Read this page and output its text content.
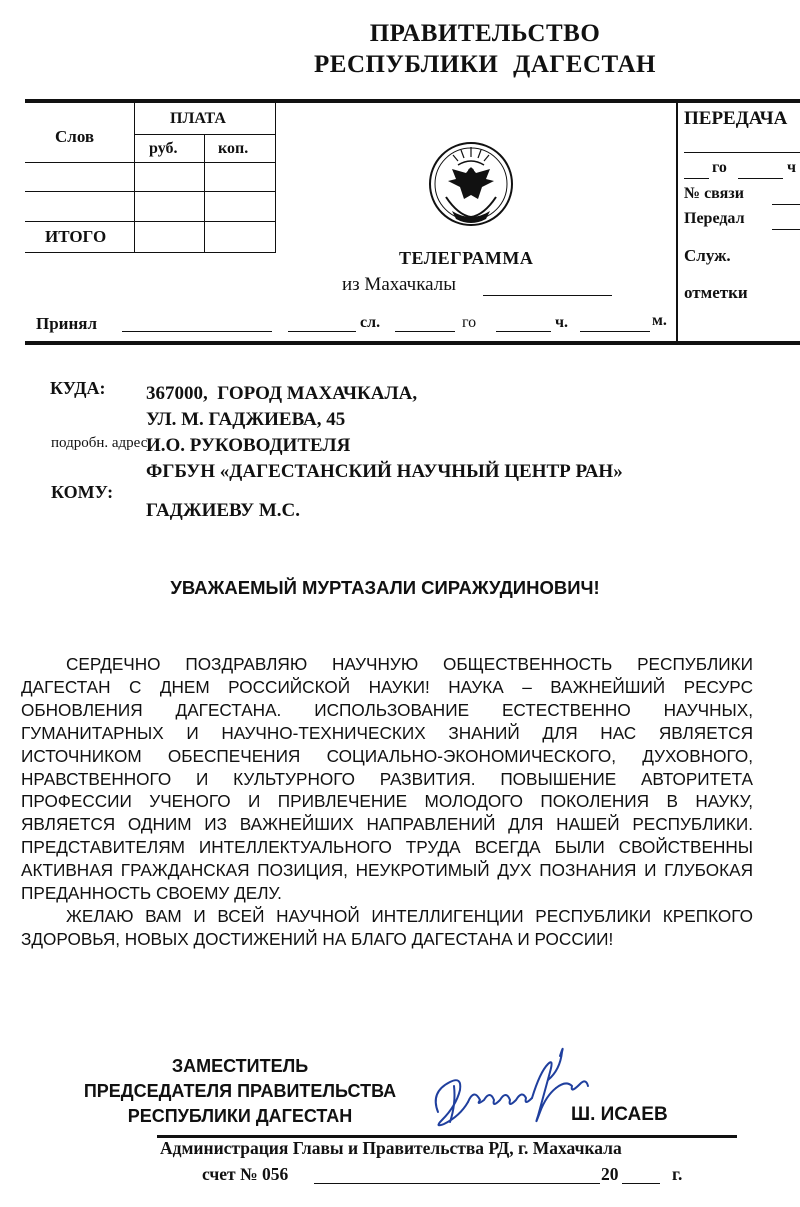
ПРАВИТЕЛЬСТВО
РЕСПУБЛИКИ ДАГЕСТАН
Слов
ПЛАТА
руб.	коп.
ИТОГО
ТЕЛЕГРАММА
из Махачкалы
ПЕРЕДАЧА
го	ч
№ связи
Передал
Служ.
отметки
Принял	сл.	го	ч.	м.
КУДА: 367000,  ГОРОД МАХАЧКАЛА,
УЛ. М. ГАДЖИЕВА, 45
подробн. адрес
И.О. РУКОВОДИТЕЛЯ
ФГБУН «ДАГЕСТАНСКИЙ НАУЧНЫЙ ЦЕНТР РАН»
КОМУ:
ГАДЖИЕВУ М.С.
УВАЖАЕМЫЙ МУРТАЗАЛИ СИРАЖУДИНОВИЧ!

СЕРДЕЧНО ПОЗДРАВЛЯЮ НАУЧНУЮ ОБЩЕСТВЕННОСТЬ РЕСПУБЛИКИ ДАГЕСТАН С ДНЕМ РОССИЙСКОЙ НАУКИ! НАУКА – ВАЖНЕЙШИЙ РЕСУРС ОБНОВЛЕНИЯ ДАГЕСТАНА. ИСПОЛЬЗОВАНИЕ ЕСТЕСТВЕННО НАУЧНЫХ, ГУМАНИТАРНЫХ И НАУЧНО-ТЕХНИЧЕСКИХ ЗНАНИЙ ДЛЯ НАС ЯВЛЯЕТСЯ ИСТОЧНИКОМ ОБЕСПЕЧЕНИЯ СОЦИАЛЬНО-ЭКОНОМИЧЕСКОГО, ДУХОВНОГО, НРАВСТВЕННОГО И КУЛЬТУРНОГО РАЗВИТИЯ. ПОВЫШЕНИЕ АВТОРИТЕТА ПРОФЕССИИ УЧЕНОГО И ПРИВЛЕЧЕНИЕ МОЛОДОГО ПОКОЛЕНИЯ В НАУКУ, ЯВЛЯЕТСЯ ОДНИМ ИЗ ВАЖНЕЙШИХ НАПРАВЛЕНИЙ ДЛЯ НАШЕЙ РЕСПУБЛИКИ. ПРЕДСТАВИТЕЛЯМ ИНТЕЛЛЕКТУАЛЬНОГО ТРУДА ВСЕГДА БЫЛИ СВОЙСТВЕННЫ АКТИВНАЯ ГРАЖДАНСКАЯ ПОЗИЦИЯ, НЕУКРОТИМЫЙ ДУХ ПОЗНАНИЯ И ГЛУБОКАЯ ПРЕДАННОСТЬ СВОЕМУ ДЕЛУ.

ЖЕЛАЮ ВАМ И ВСЕЙ НАУЧНОЙ ИНТЕЛЛИГЕНЦИИ РЕСПУБЛИКИ КРЕПКОГО ЗДОРОВЬЯ, НОВЫХ ДОСТИЖЕНИЙ НА БЛАГО ДАГЕСТАНА И РОССИИ!

ЗАМЕСТИТЕЛЬ
ПРЕДСЕДАТЕЛЯ ПРАВИТЕЛЬСТВА
РЕСПУБЛИКИ ДАГЕСТАН	Ш. ИСАЕВ
Администрация Главы и Правительства РД, г. Махачкала
счет № 056	20	г.
